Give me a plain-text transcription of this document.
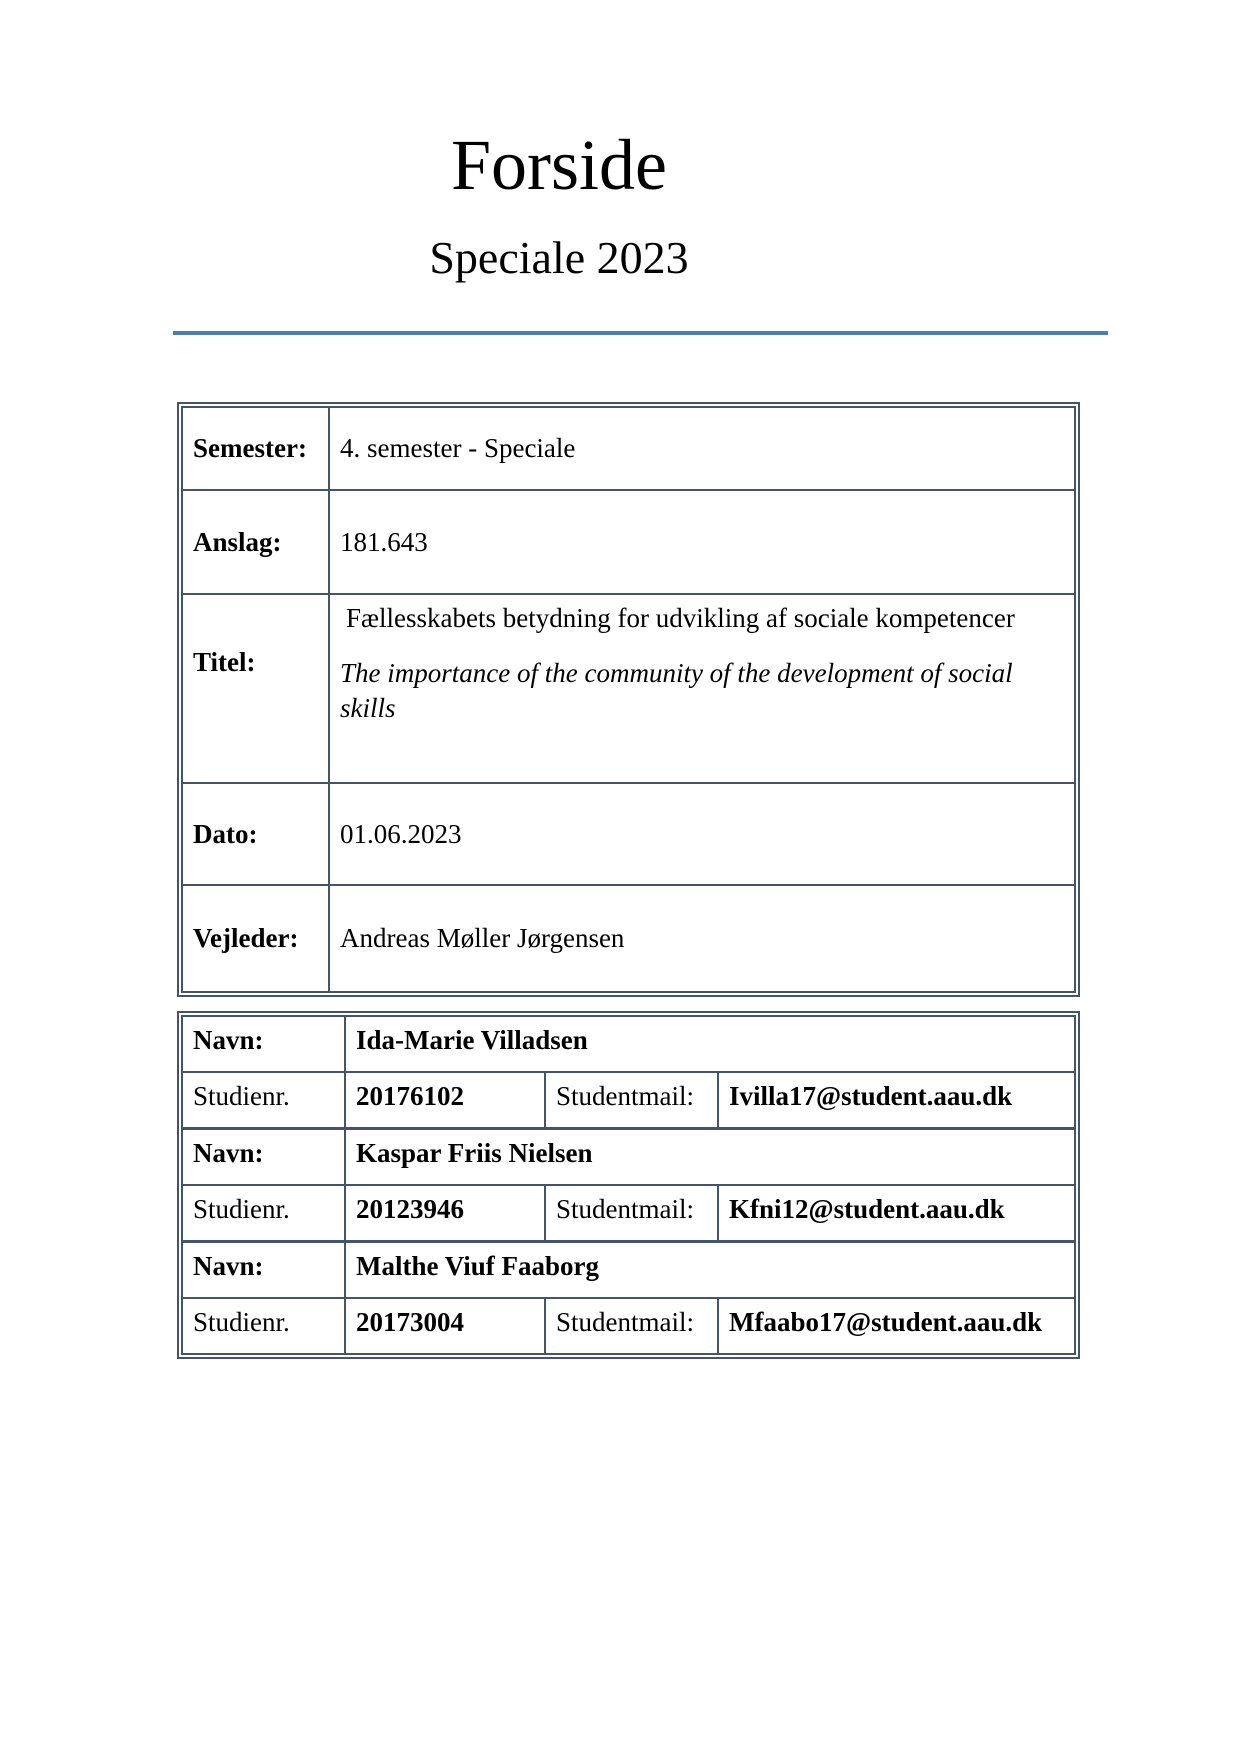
Forside
Speciale 2023
Semester:	4. semester - Speciale
Anslag:	181.643
Titel:	Fællesskabets betydning for udvikling af sociale kompetencer
The importance of the community of the development of social skills

Dato:	01.06.2023
Vejleder:	Andreas Møller Jørgensen
Navn:	Ida-Marie Villadsen		
Studienr.	20176102	Studentmail:	Ivilla17@student.aau.dk
Navn:	Kaspar Friis Nielsen		
Studienr.	20123946	Studentmail:	Kfni12@student.aau.dk
Navn:	Malthe Viuf Faaborg		
Studienr.	20173004	Studentmail:	Mfaabo17@student.aau.dk
